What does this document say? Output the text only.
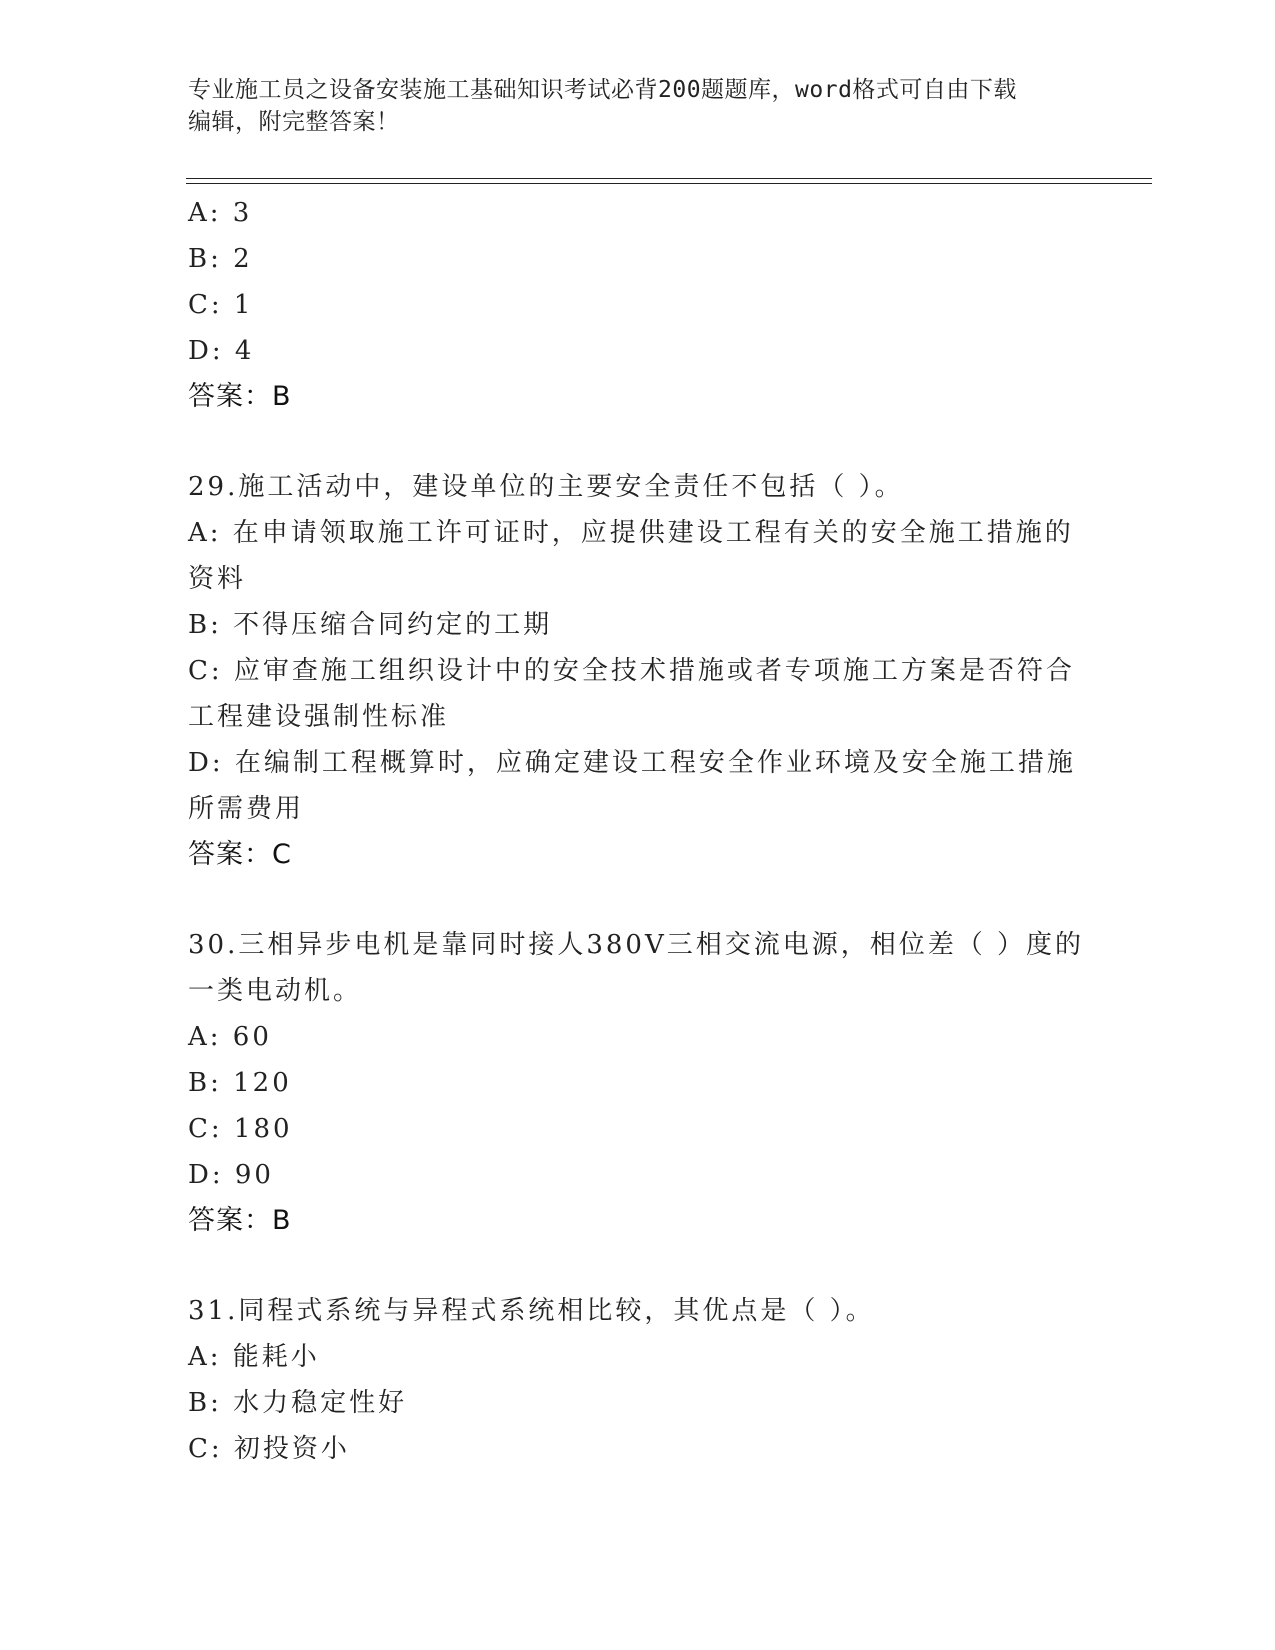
专业施工员之设备安装施工基础知识考试必背200题题库，word格式可自由下载
编辑，附完整答案！
A: 3
B: 2
C: 1
D: 4
答案：B
29.施工活动中，建设单位的主要安全责任不包括（ ）。
A: 在申请领取施工许可证时，应提供建设工程有关的安全施工措施的
资料
B: 不得压缩合同约定的工期
C: 应审查施工组织设计中的安全技术措施或者专项施工方案是否符合
工程建设强制性标准
D: 在编制工程概算时，应确定建设工程安全作业环境及安全施工措施
所需费用
答案：C
30.三相异步电机是靠同时接人380V三相交流电源，相位差（ ）度的
一类电动机。
A: 60
B: 120
C: 180
D: 90
答案：B
31.同程式系统与异程式系统相比较，其优点是（ ）。
A: 能耗小
B: 水力稳定性好
C: 初投资小
